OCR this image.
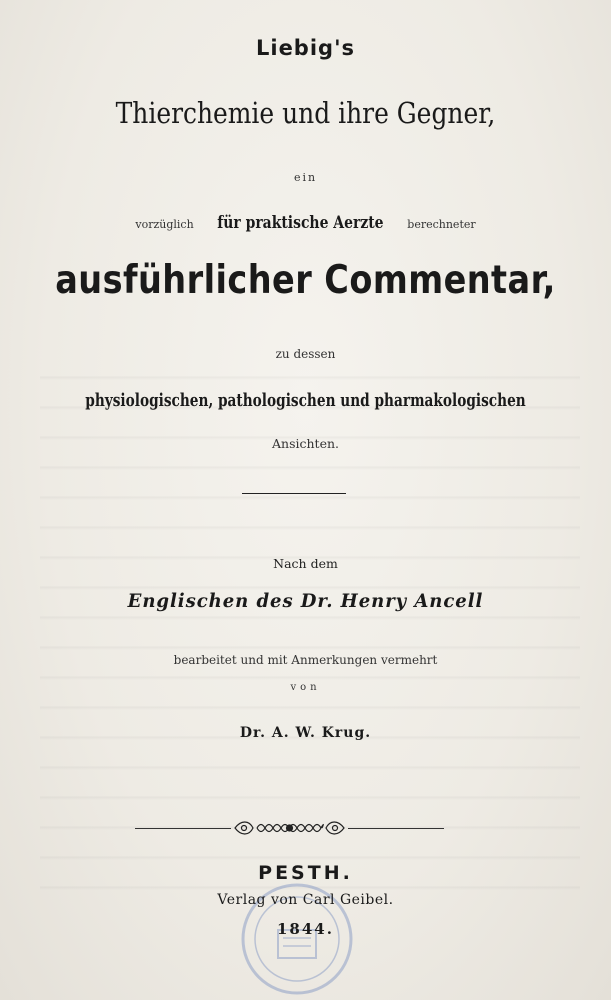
Liebig's
Thierchemie und ihre Gegner,
ein
vorzüglich für praktische Aerzte berechneter
ausführlicher Commentar,
zu dessen
physiologischen, pathologischen und pharmakologischen
Ansichten.
Nach dem
Englischen des Dr. Henry Ancell
bearbeitet und mit Anmerkungen vermehrt
von
Dr. A. W. Krug.
PESTH.
Verlag von Carl Geibel.
1844.
